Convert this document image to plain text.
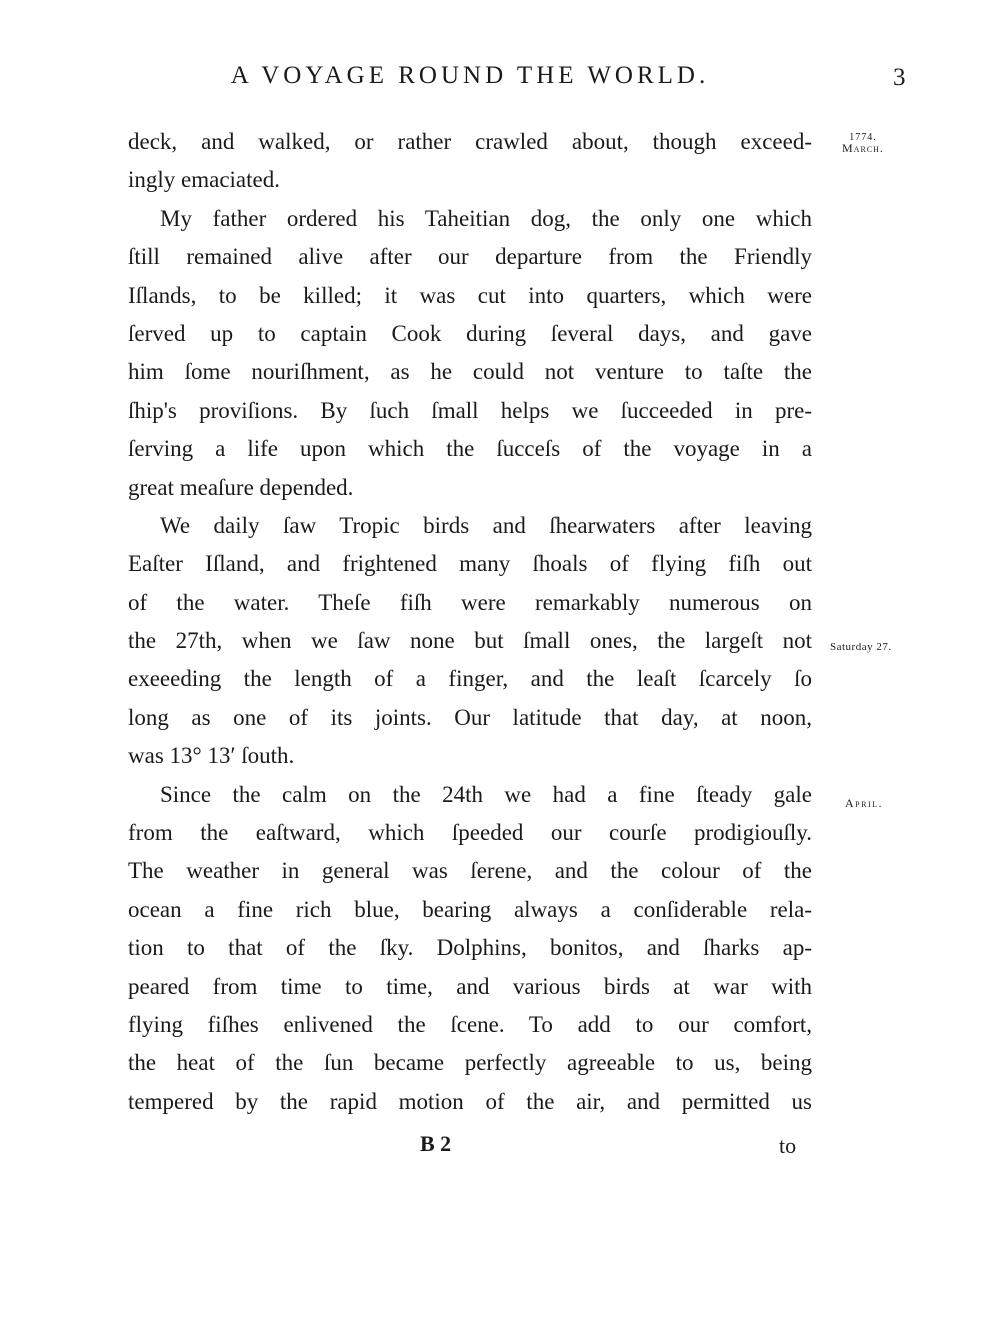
A VOYAGE ROUND THE WORLD.	3
1774.
March.
Saturday 27.
April.
deck, and walked, or rather crawled about, though exceed-
ingly emaciated.
My father ordered his Taheitian dog, the only one which
ſtill remained alive after our departure from the Friendly
Iſlands, to be killed; it was cut into quarters, which were
ſerved up to captain Cook during ſeveral days, and gave
him ſome nouriſhment, as he could not venture to taſte the
ſhip's proviſions. By ſuch ſmall helps we ſucceeded in pre-
ſerving a life upon which the ſucceſs of the voyage in a
great meaſure depended.
We daily ſaw Tropic birds and ſhearwaters after leaving
Eaſter Iſland, and frightened many ſhoals of flying fiſh out
of the water. Theſe fiſh were remarkably numerous on
the 27th, when we ſaw none but ſmall ones, the largeſt not
exeeeding the length of a finger, and the leaſt ſcarcely ſo
long as one of its joints. Our latitude that day, at noon,
was 13° 13′ ſouth.
Since the calm on the 24th we had a fine ſteady gale
from the eaſtward, which ſpeeded our courſe prodigiouſly.
The weather in general was ſerene, and the colour of the
ocean a fine rich blue, bearing always a conſiderable rela-
tion to that of the ſky. Dolphins, bonitos, and ſharks ap-
peared from time to time, and various birds at war with
flying fiſhes enlivened the ſcene. To add to our comfort,
the heat of the ſun became perfectly agreeable to us, being
tempered by the rapid motion of the air, and permitted us
B 2	to
